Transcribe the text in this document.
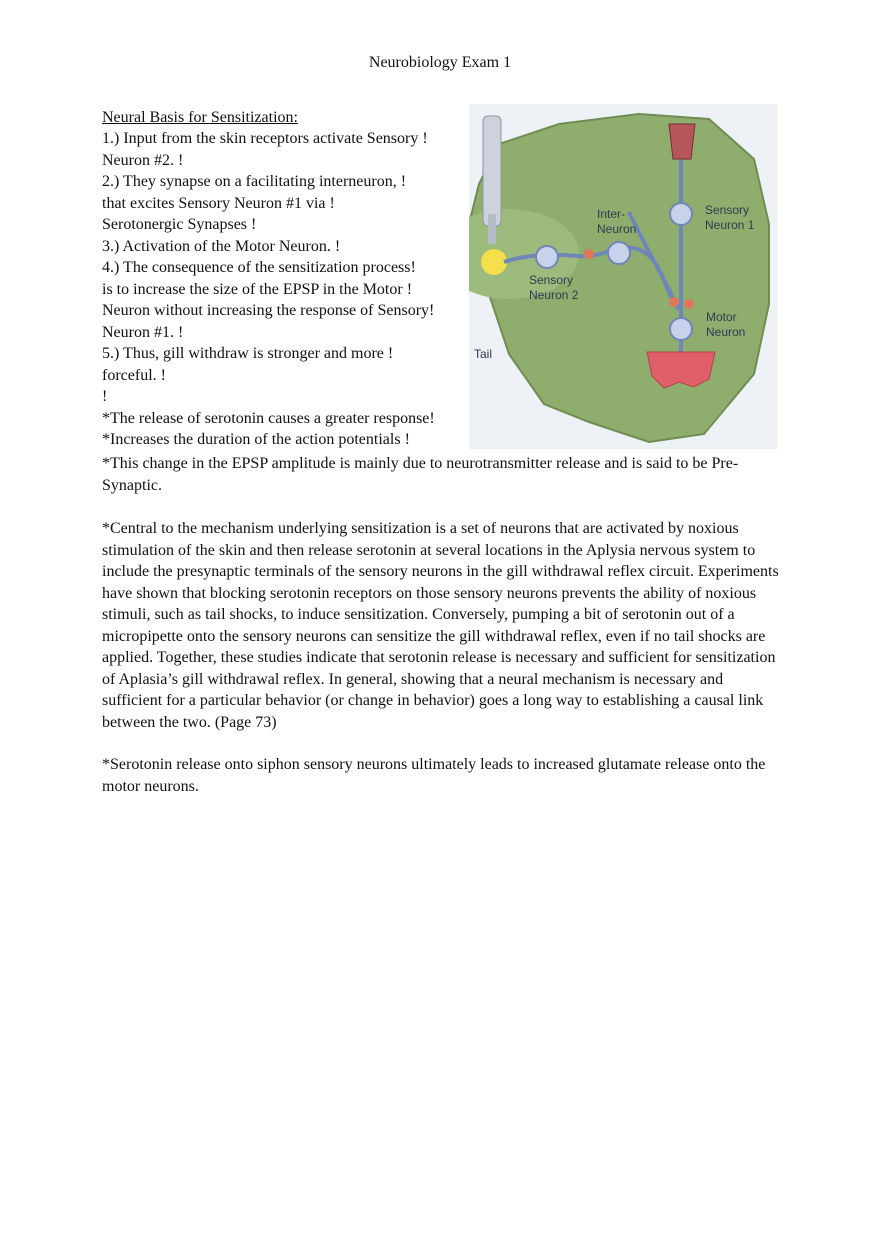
Neurobiology Exam 1
Neural Basis for Sensitization:
1.) Input from the skin receptors activate Sensory !
Neuron #2. !
2.) They synapse on a facilitating interneuron, !
that excites Sensory Neuron #1 via !
Serotonergic Synapses !
3.) Activation of the Motor Neuron. !
4.) The consequence of the sensitization process!
is to increase the size of the EPSP in the Motor !
Neuron without increasing the response of Sensory!
Neuron #1. !
5.) Thus, gill withdraw is stronger and more !
forceful. !
!
*The release of serotonin causes a greater response!
*Increases the duration of the action potentials !
*This change in the EPSP amplitude is mainly due to neurotransmitter release and is said to be Pre-Synaptic.
*Central to the mechanism underlying sensitization is a set of neurons that are activated by noxious stimulation of the skin and then release serotonin at several locations in the Aplysia nervous system to include the presynaptic terminals of the sensory neurons in the gill withdrawal reflex circuit. Experiments have shown that blocking serotonin receptors on those sensory neurons prevents the ability of noxious stimuli, such as tail shocks, to induce sensitization. Conversely, pumping a bit of serotonin out of a micropipette onto the sensory neurons can sensitize the gill withdrawal reflex, even if no tail shocks are applied. Together, these studies indicate that serotonin release is necessary and sufficient for sensitization of Aplasia’s gill withdrawal reflex. In general, showing that a neural mechanism is necessary and sufficient for a particular behavior (or change in behavior) goes a long way to establishing a causal link between the two. (Page 73)
*Serotonin release onto siphon sensory neurons ultimately leads to increased glutamate release onto the motor neurons.
Inter-
Neuron
Sensory
Neuron 1
Sensory
Neuron 2
Motor
Neuron
Tail
